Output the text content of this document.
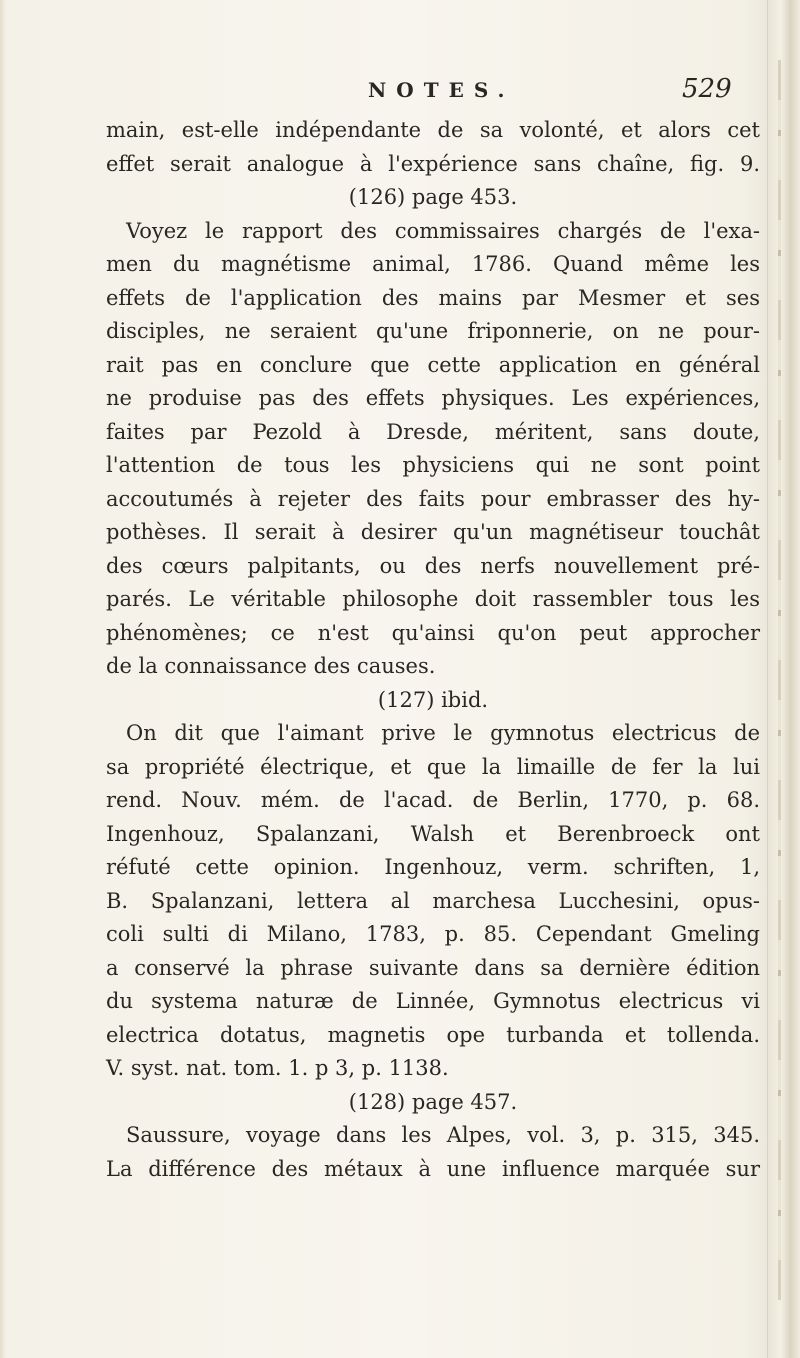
NOTES.	529
main, est-elle indépendante de sa volonté, et alors cet
effet serait analogue à l'expérience sans chaîne, fig. 9.
(126) page 453.
Voyez le rapport des commissaires chargés de l'exa-
men du magnétisme animal, 1786. Quand même les
effets de l'application des mains par Mesmer et ses
disciples, ne seraient qu'une friponnerie, on ne pour-
rait pas en conclure que cette application en général
ne produise pas des effets physiques. Les expériences,
faites par Pezold à Dresde, méritent, sans doute,
l'attention de tous les physiciens qui ne sont point
accoutumés à rejeter des faits pour embrasser des hy-
pothèses. Il serait à desirer qu'un magnétiseur touchât
des cœurs palpitants, ou des nerfs nouvellement pré-
parés. Le véritable philosophe doit rassembler tous les
phénomènes; ce n'est qu'ainsi qu'on peut approcher
de la connaissance des causes.
(127) ibid.
On dit que l'aimant prive le gymnotus electricus de
sa propriété électrique, et que la limaille de fer la lui
rend. Nouv. mém. de l'acad. de Berlin, 1770, p. 68.
Ingenhouz, Spalanzani, Walsh et Berenbroeck ont
réfuté cette opinion. Ingenhouz, verm. schriften, 1,
B. Spalanzani, lettera al marchesa Lucchesini, opus-
coli sulti di Milano, 1783, p. 85. Cependant Gmeling
a conservé la phrase suivante dans sa dernière édition
du systema naturæ de Linnée, Gymnotus electricus vi
electrica dotatus, magnetis ope turbanda et tollenda.
V. syst. nat. tom. 1. p 3, p. 1138.
(128) page 457.
Saussure, voyage dans les Alpes, vol. 3, p. 315, 345.
La différence des métaux à une influence marquée sur
